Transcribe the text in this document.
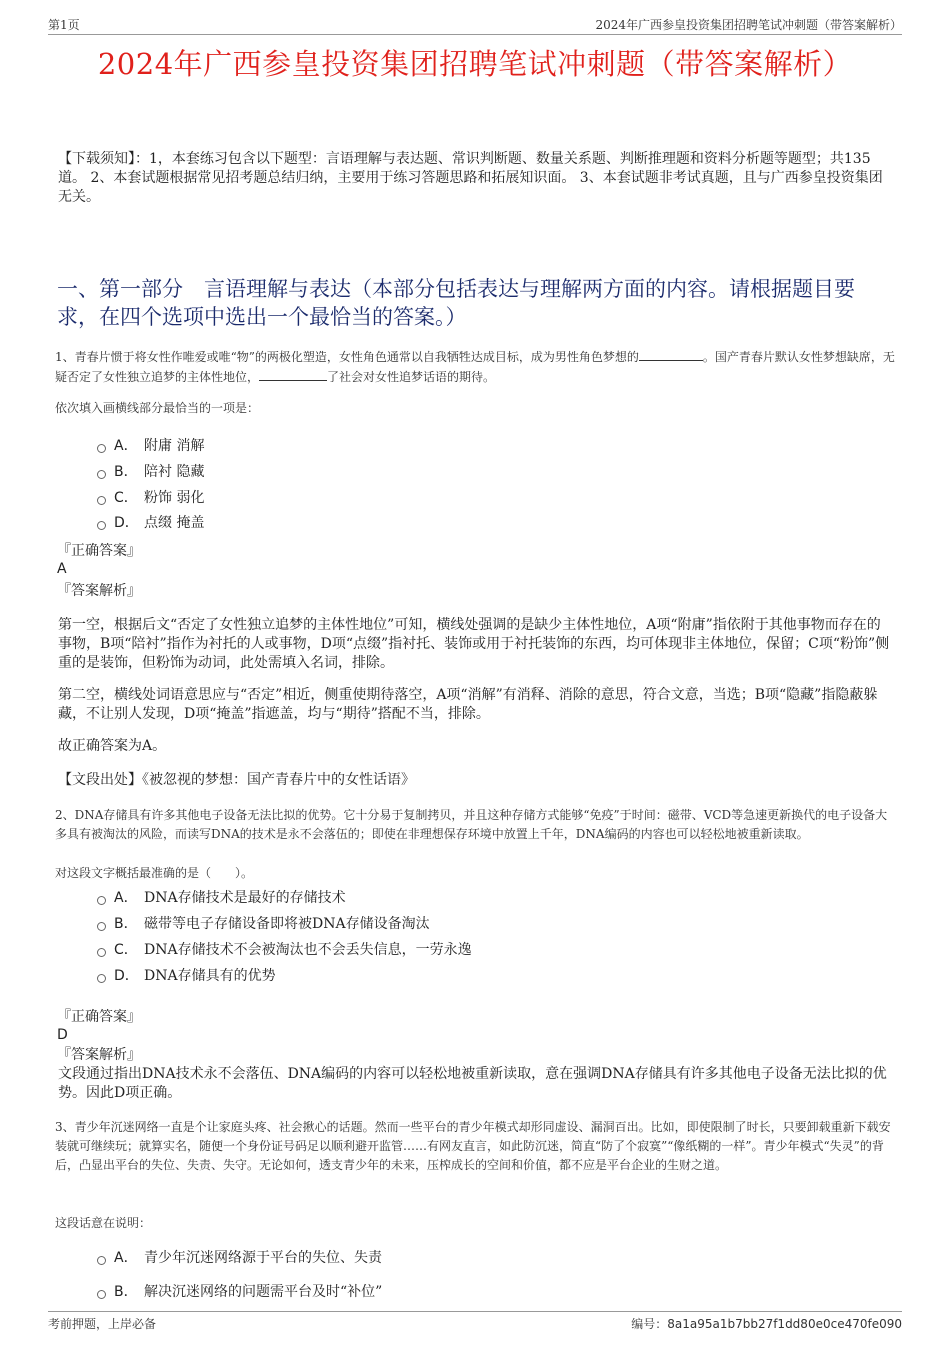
第1页	2024年广西参皇投资集团招聘笔试冲刺题（带答案解析）
2024年广西参皇投资集团招聘笔试冲刺题（带答案解析）
【下载须知】：1，本套练习包含以下题型：言语理解与表达题、常识判断题、数量关系题、判断推理题和资料分析题等题型；共135道。 2、本套试题根据常见招考题总结归纳，主要用于练习答题思路和拓展知识面。 3、本套试题非考试真题，且与广西参皇投资集团无关。
一、第一部分　言语理解与表达（本部分包括表达与理解两方面的内容。请根据题目要求，在四个选项中选出一个最恰当的答案。）
1、青春片惯于将女性作唯爱或唯“物”的两极化塑造，女性角色通常以自我牺牲达成目标，成为男性角色梦想的	。国产青春片默认女性梦想缺席，无疑否定了女性独立追梦的主体性地位，	了社会对女性追梦话语的期待。
依次填入画横线部分最恰当的一项是：
A． 附庸 消解
B． 陪衬 隐藏
C． 粉饰 弱化
D． 点缀 掩盖
『正确答案』
A
『答案解析』
第一空，根据后文“否定了女性独立追梦的主体性地位”可知，横线处强调的是缺少主体性地位，A项“附庸”指依附于其他事物而存在的事物，B项“陪衬”指作为衬托的人或事物，D项“点缀”指衬托、装饰或用于衬托装饰的东西，均可体现非主体地位，保留；C项“粉饰”侧重的是装饰，但粉饰为动词，此处需填入名词，排除。
第二空，横线处词语意思应与“否定”相近，侧重使期待落空，A项“消解”有消释、消除的意思，符合文意，当选；B项“隐藏”指隐蔽躲藏，不让别人发现，D项“掩盖”指遮盖，均与“期待”搭配不当，排除。
故正确答案为A。
【文段出处】《被忽视的梦想：国产青春片中的女性话语》
2、DNA存储具有许多其他电子设备无法比拟的优势。它十分易于复制拷贝，并且这种存储方式能够“免疫”于时间：磁带、VCD等急速更新换代的电子设备大多具有被淘汰的风险，而读写DNA的技术是永不会落伍的；即使在非理想保存环境中放置上千年，DNA编码的内容也可以轻松地被重新读取。
对这段文字概括最准确的是（　　）。
A． DNA存储技术是最好的存储技术
B． 磁带等电子存储设备即将被DNA存储设备淘汰
C． DNA存储技术不会被淘汰也不会丢失信息，一劳永逸
D． DNA存储具有的优势
『正确答案』
D
『答案解析』
文段通过指出DNA技术永不会落伍、DNA编码的内容可以轻松地被重新读取，意在强调DNA存储具有许多其他电子设备无法比拟的优势。因此D项正确。
3、青少年沉迷网络一直是个让家庭头疼、社会揪心的话题。然而一些平台的青少年模式却形同虚设、漏洞百出。比如，即使限制了时长，只要卸载重新下载安装就可继续玩；就算实名，随便一个身份证号码足以顺利避开监管……有网友直言，如此防沉迷，简直“防了个寂寞”“像纸糊的一样”。青少年模式“失灵”的背后，凸显出平台的失位、失责、失守。无论如何，透支青少年的未来，压榨成长的空间和价值，都不应是平台企业的生财之道。
这段话意在说明：
A． 青少年沉迷网络源于平台的失位、失责
B． 解决沉迷网络的问题需平台及时“补位”
考前押题，上岸必备	编号：8a1a95a1b7bb27f1dd80e0ce470fe090
